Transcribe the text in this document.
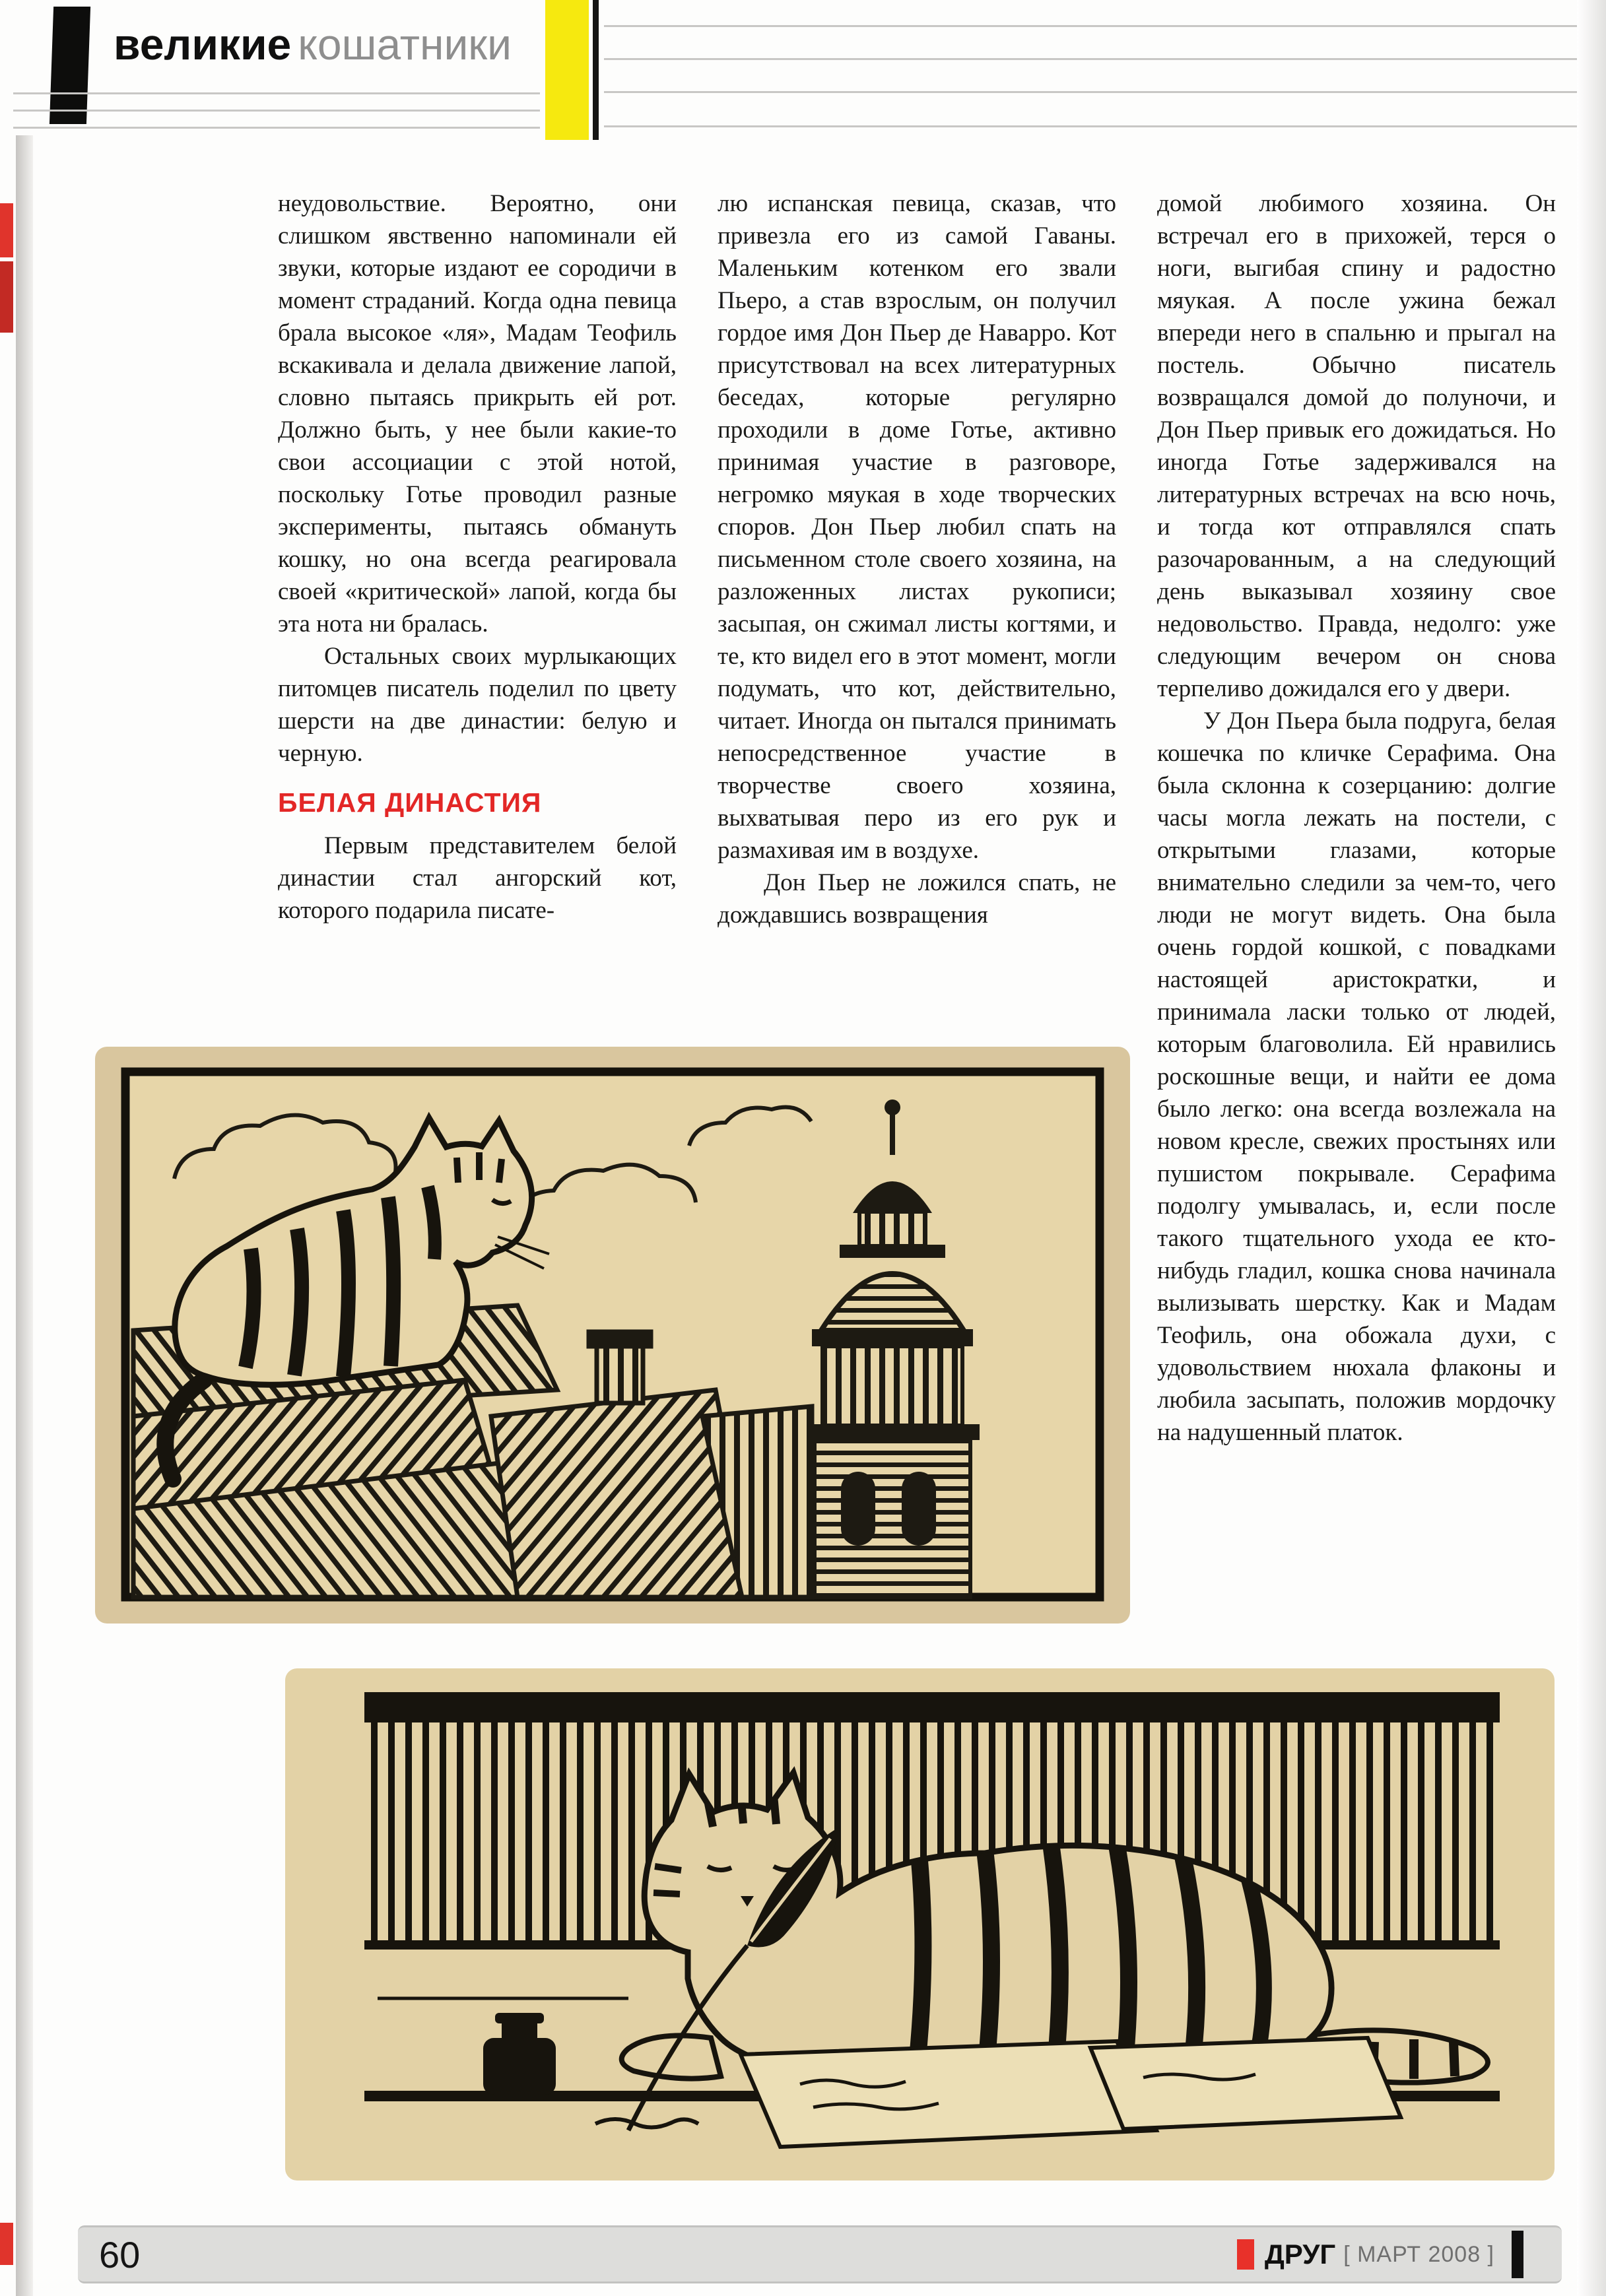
великие кошатники

неудовольствие. Вероятно, они слишком явственно напоминали ей звуки, которые издают ее сородичи в момент страданий. Когда одна певица брала высокое «ля», Мадам Теофиль вскакивала и делала движение лапой, словно пытаясь прикрыть ей рот. Должно быть, у нее были какие-то свои ассоциации с этой нотой, поскольку Готье проводил разные эксперименты, пытаясь обмануть кошку, но она всегда реагировала своей «критической» лапой, когда бы эта нота ни бралась.

Остальных своих мурлыкающих питомцев писатель поделил по цвету шерсти на две династии: белую и черную.

БЕЛАЯ ДИНАСТИЯ

Первым представителем белой династии стал ангорский кот, которого подарила писате-

лю испанская певица, сказав, что привезла его из самой Гаваны. Маленьким котенком его звали Пьеро, а став взрослым, он получил гордое имя Дон Пьер де Наварро. Кот присутствовал на всех литературных беседах, которые регулярно проходили в доме Готье, активно принимая участие в разговоре, негромко мяукая в ходе творческих споров. Дон Пьер любил спать на письменном столе своего хозяина, на разложенных листах рукописи; засыпая, он сжимал листы когтями, и те, кто видел его в этот момент, могли подумать, что кот, действительно, читает. Иногда он пытался принимать непосредственное участие в творчестве своего хозяина, выхватывая перо из его рук и размахивая им в воздухе.

Дон Пьер не ложился спать, не дождавшись возвращения

домой любимого хозяина. Он встречал его в прихожей, терся о ноги, выгибая спину и радостно мяукая. А после ужина бежал впереди него в спальню и прыгал на постель. Обычно писатель возвращался домой до полуночи, и Дон Пьер привык его дожидаться. Но иногда Готье задерживался на литературных встречах на всю ночь, и тогда кот отправлялся спать разочарованным, а на следующий день выказывал хозяину свое недовольство. Правда, недолго: уже следующим вечером он снова терпеливо дожидался его у двери.

У Дон Пьера была подруга, белая кошечка по кличке Серафима. Она была склонна к созерцанию: долгие часы могла лежать на постели, с открытыми глазами, которые внимательно следили за чем-то, чего люди не могут видеть. Она была очень гордой кошкой, с повадками настоящей аристократки, и принимала ласки только от людей, которым благоволила. Ей нравились роскошные вещи, и найти ее дома было легко: она всегда возлежала на новом кресле, свежих простынях или пушистом покрывале. Серафима подолгу умывалась, и, если после такого тщательного ухода ее кто-нибудь гладил, кошка снова начинала вылизывать шерстку. Как и Мадам Теофиль, она обожала духи, с удовольствием нюхала флаконы и любила засыпать, положив мордочку на надушенный платок.

60	ДРУГ [ МАРТ 2008 ]
